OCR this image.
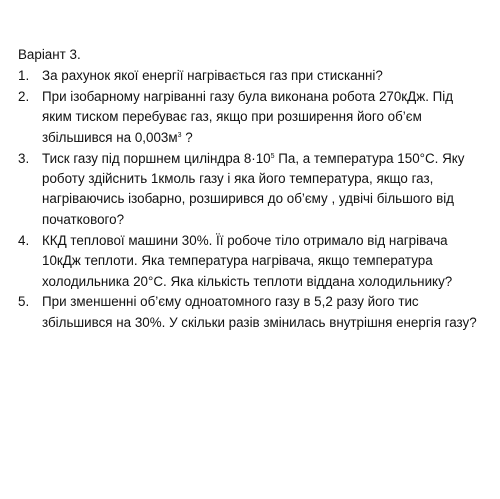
Варіант 3.
1. За рахунок якої енергії нагрівається газ при стисканні?
2. При ізобарному нагріванні газу була виконана робота 270кДж. Під
яким тиском перебуває газ, якщо при розширення його об’єм
збільшився на $0,003м^3$ ?
3. Тиск газу під поршнем циліндра $8\cdot 10^5$ Па, а температура 150°С. Яку
роботу здійснить 1кмоль газу і яка його температура, якщо газ,
нагріваючись ізобарно, розширився до об’єму , удвічі більшого від
початкового?
4. ККД теплової машини 30%. Її робоче тіло отримало від нагрівача
10кДж теплоти. Яка температура нагрівача, якщо температура
холодильника 20°С. Яка кількість теплоти віддана холодильнику?
5. При зменшенні об’єму одноатомного газу в 5,2 разу його тис
збільшився на 30%. У скільки разів змінилась внутрішня енергія газу?
